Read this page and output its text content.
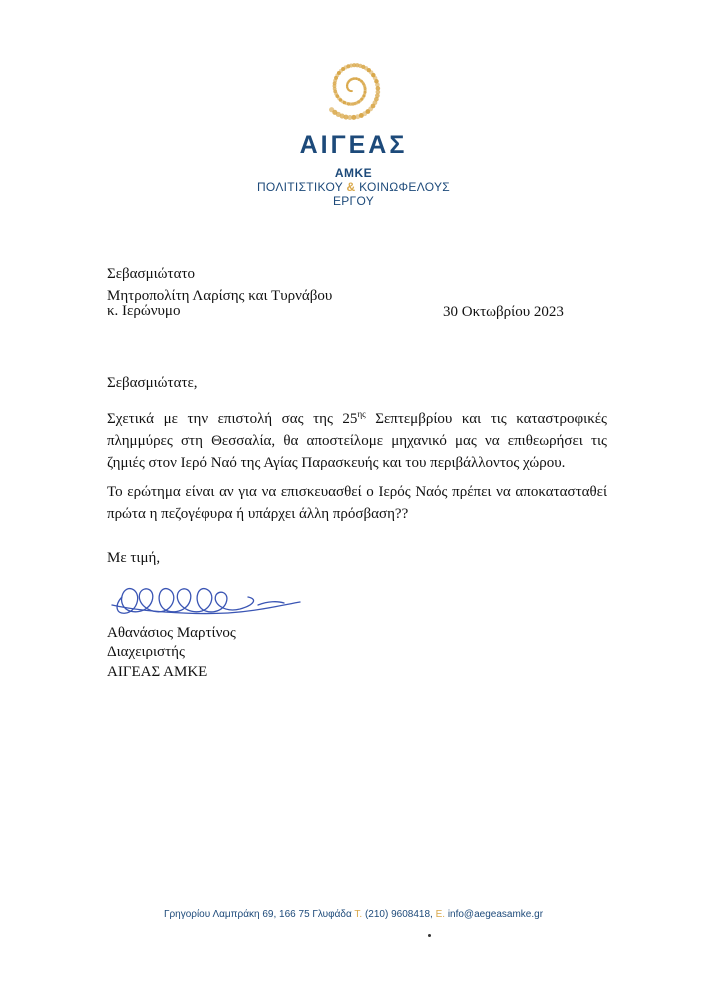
ΑΙΓΕΑΣ
ΑΜΚΕ
ΠΟΛΙΤΙΣΤΙΚΟΥ & ΚΟΙΝΩΦΕΛΟΥΣ
ΕΡΓΟΥ
Σεβασμιώτατο
Μητροπολίτη Λαρίσης και Τυρνάβου
κ. Ιερώνυμο	30 Οκτωβρίου 2023
Σεβασμιώτατε,
Σχετικά με την επιστολή σας της $25^{\eta\varsigma}$ Σεπτεμβρίου και τις καταστροφικές
πλημμύρες στη Θεσσαλία, θα αποστείλομε μηχανικό μας να επιθεωρήσει τις
ζημιές στον Ιερό Ναό της Αγίας Παρασκευής και του περιβάλλοντος χώρου.
Το ερώτημα είναι αν για να επισκευασθεί ο Ιερός Ναός πρέπει να αποκατασταθεί
πρώτα η πεζογέφυρα ή υπάρχει άλλη πρόσβαση??
Με τιμή,
Αθανάσιος Μαρτίνος
Διαχειριστής
ΑΙΓΕΑΣ ΑΜΚΕ
Γρηγορίου Λαμπράκη 69, 166 75 Γλυφάδα Τ. (210) 9608418, Ε. info@aegeasamke.gr
